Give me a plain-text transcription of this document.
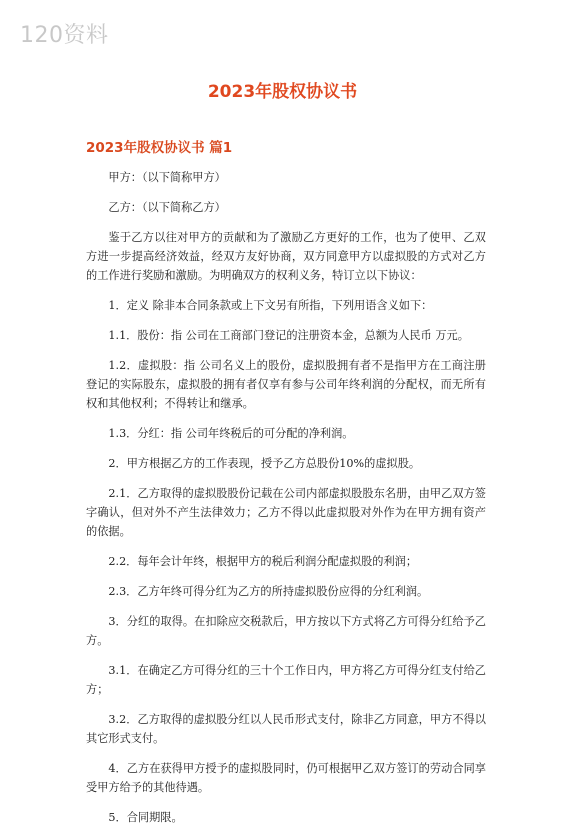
120资料
2023年股权协议书
2023年股权协议书 篇1

甲方：（以下简称甲方）

乙方：（以下简称乙方）

鉴于乙方以往对甲方的贡献和为了激励乙方更好的工作，也为了使甲、乙双方进一步提高经济效益，经双方友好协商，双方同意甲方以虚拟股的方式对乙方的工作进行奖励和激励。为明确双方的权利义务，特订立以下协议：

1．定义 除非本合同条款或上下文另有所指，下列用语含义如下：

1.1．股份：指 公司在工商部门登记的注册资本金，总额为人民币 万元。

1.2．虚拟股：指 公司名义上的股份，虚拟股拥有者不是指甲方在工商注册登记的实际股东，虚拟股的拥有者仅享有参与公司年终利润的分配权，而无所有权和其他权利；不得转让和继承。

1.3．分红：指 公司年终税后的可分配的净利润。

2．甲方根据乙方的工作表现，授予乙方总股份10%的虚拟股。

2.1．乙方取得的虚拟股股份记载在公司内部虚拟股股东名册，由甲乙双方签字确认，但对外不产生法律效力；乙方不得以此虚拟股对外作为在甲方拥有资产的依据。

2.2．每年会计年终，根据甲方的税后利润分配虚拟股的利润；

2.3．乙方年终可得分红为乙方的所持虚拟股份应得的分红利润。

3．分红的取得。在扣除应交税款后，甲方按以下方式将乙方可得分红给予乙方。

3.1．在确定乙方可得分红的三十个工作日内，甲方将乙方可得分红支付给乙方；

3.2．乙方取得的虚拟股分红以人民币形式支付，除非乙方同意，甲方不得以其它形式支付。

4．乙方在获得甲方授予的虚拟股同时，仍可根据甲乙双方签订的劳动合同享受甲方给予的其他待遇。

5．合同期限。
